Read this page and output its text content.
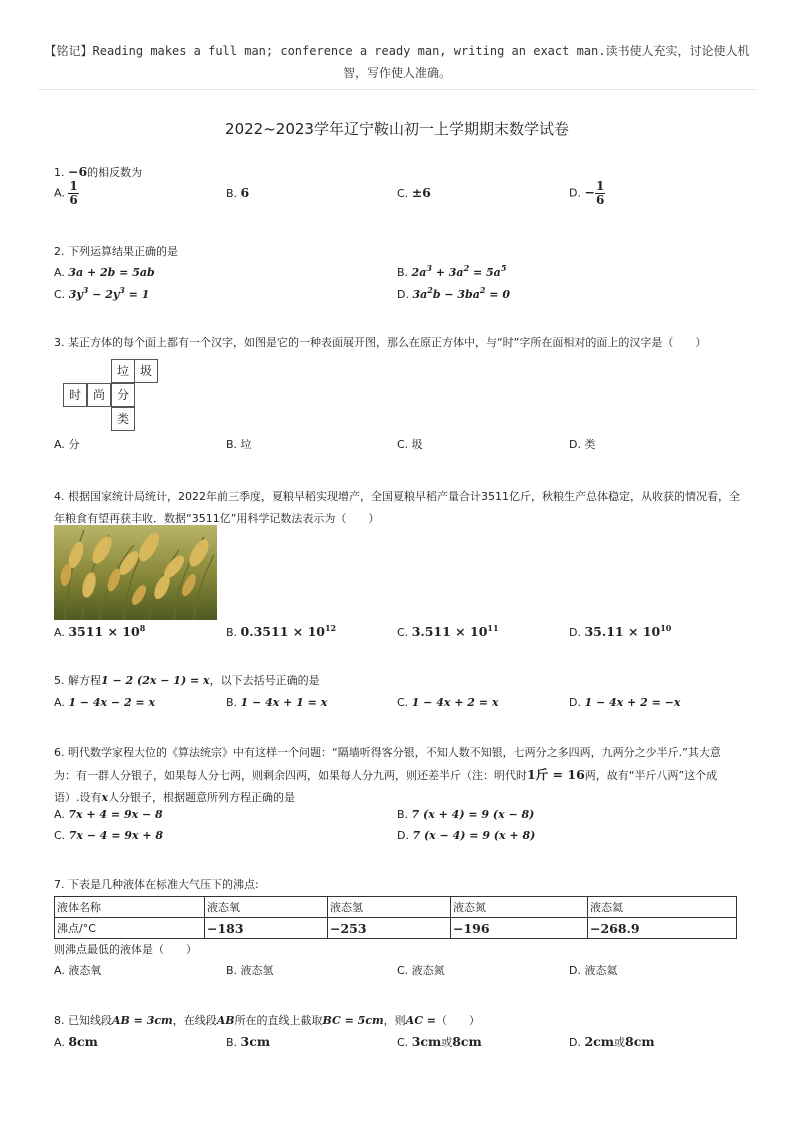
【铭记】Reading makes a full man; conference a ready man, writing an exact man.读书使人充实，讨论使人机
智，写作使人准确。
2022~2023学年辽宁鞍山初一上学期期末数学试卷
1. −6的相反数为
A. $\frac{1}{6}$	B. 6	C. ±6	D. − $\frac{1}{6}$
2. 下列运算结果正确的是
A. 3a + 2b = 5ab	B. $2a^3 + 3a^2 = 5a^5$
C. $3y^3 - 2y^3 = 1$	D. $3a^2b - 3ba^2 = 0$
3. 某正方体的每个面上都有一个汉字，如图是它的一种表面展开图，那么在原正方体中，与“时”字所在面相对的面上的汉字是（　　）
垃 圾
时 尚 分
类
A. 分	B. 垃	C. 圾	D. 类
4. 根据国家统计局统计，2022年前三季度，夏粮早稻实现增产，全国夏粮早稻产量合计3511亿斤，秋粮生产总体稳定，从收获的情况看，全
年粮食有望再获丰收．数据“3511亿”用科学记数法表示为（　　）
A. $3511 \times 10^8$	B. $0.3511 \times 10^{12}$	C. $3.511 \times 10^{11}$	D. $35.11 \times 10^{10}$
5. 解方程1 − 2 (2x − 1) = x，以下去括号正确的是
A. 1 − 4x − 2 = x	B. 1 − 4x + 1 = x	C. 1 − 4x + 2 = x	D. 1 − 4x + 2 = −x
6. 明代数学家程大位的《算法统宗》中有这样一个问题：“隔墙听得客分银，不知人数不知银，七两分之多四两，九两分之少半斤.”其大意
为：有一群人分银子，如果每人分七两，则剩余四两，如果每人分九两，则还差半斤（注：明代时1斤 = 16两，故有“半斤八两”这个成
语）.设有x人分银子，根据题意所列方程正确的是
A. 7x + 4 = 9x − 8	B. 7 (x + 4) = 9 (x − 8)
C. 7x − 4 = 9x + 8	D. 7 (x − 4) = 9 (x + 8)
7. 下表是几种液体在标准大气压下的沸点:
液体名称	液态氧	液态氢	液态氮	液态氦
沸点/°C	−183	−253	−196	−268.9
则沸点最低的液体是（　　）
A. 液态氧	B. 液态氢	C. 液态氮	D. 液态氦
8. 已知线段AB = 3cm，在线段AB所在的直线上截取BC = 5cm，则AC =（　　）
A. 8cm	B. 3cm	C. 3cm或8cm	D. 2cm或8cm
